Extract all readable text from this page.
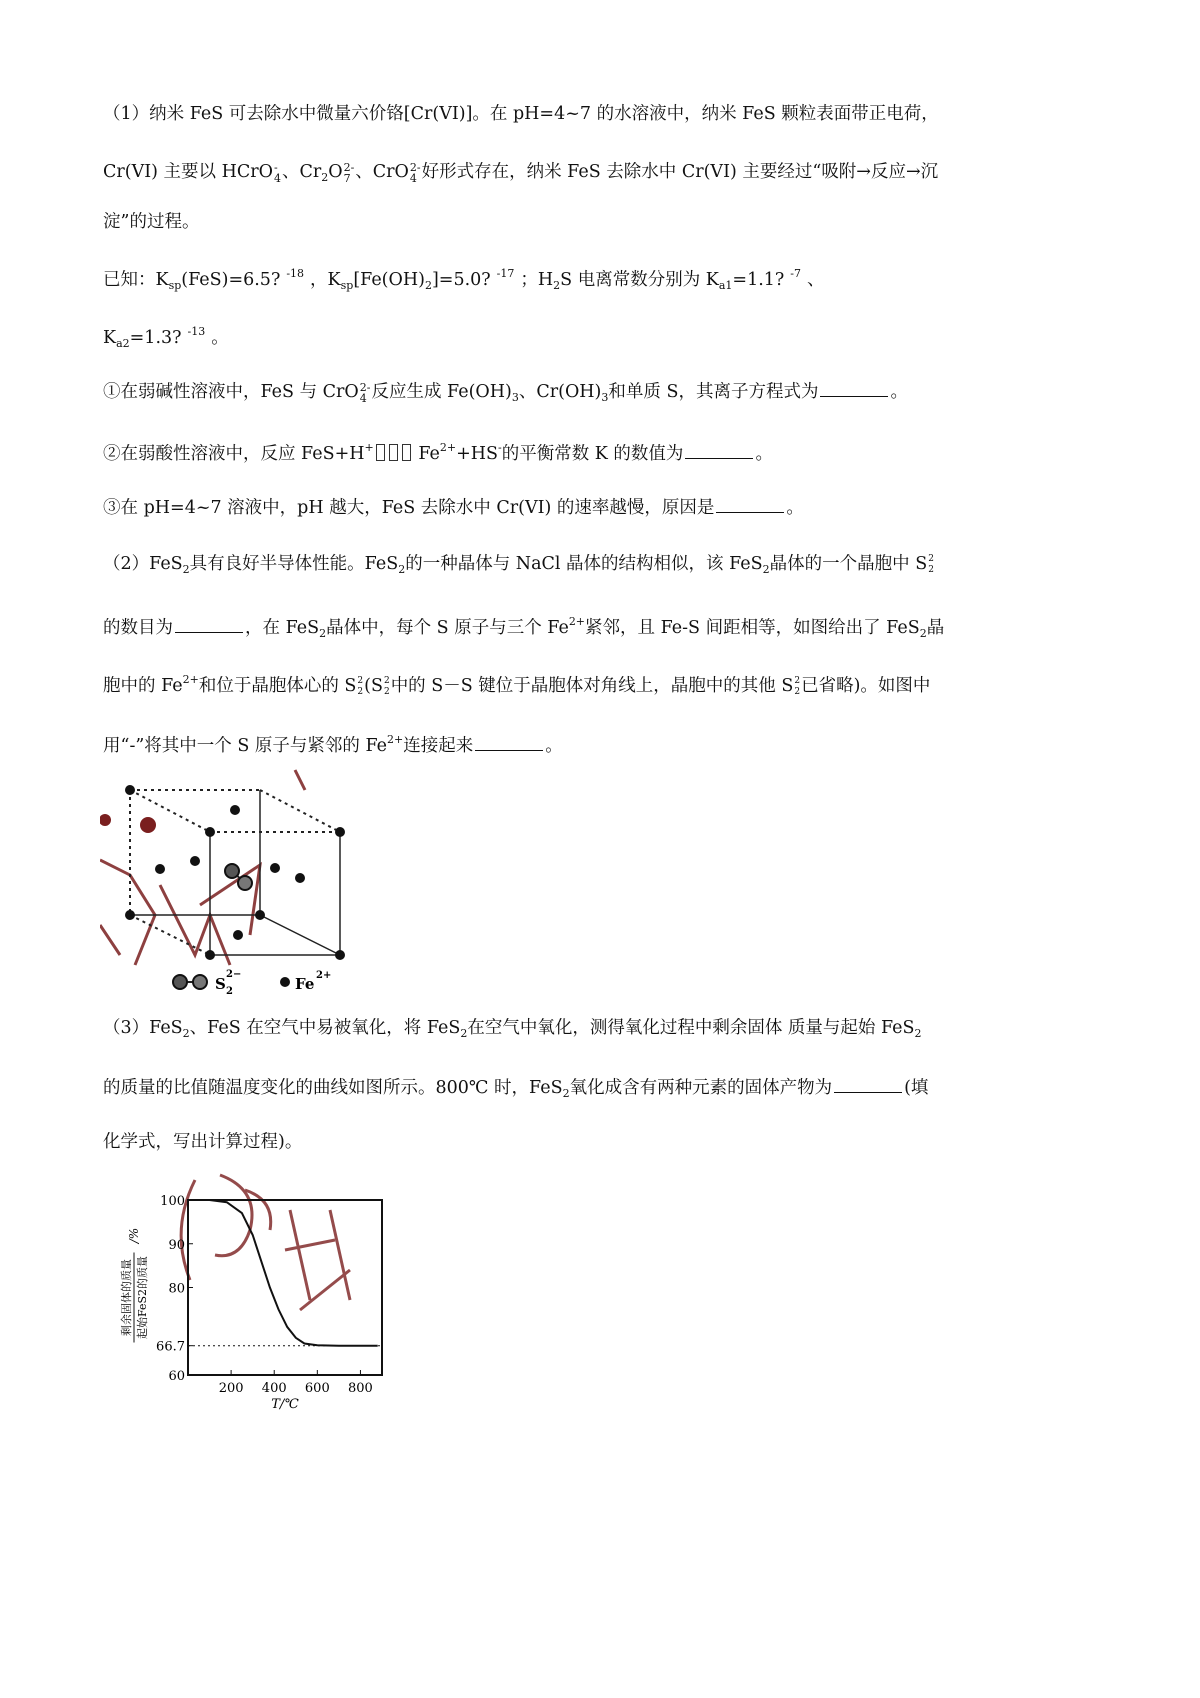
（1）纳米 FeS 可去除水中微量六价铬[Cr(VI)]。在 pH=4~7 的水溶液中，纳米 FeS 颗粒表面带正电荷，
Cr(VI) 主要以 HCrO -
4 、$Cr_2O$ 2-
7 、CrO 2-
4 好形式存在，纳米 FeS 去除水中 Cr(VI) 主要经过“吸附→反应→沉
淀”的过程。
已知：$K_{sp}(FeS)=6.5$? $^{-18}$ ，$K_{sp}[Fe(OH)_2]=5.0$? $^{-17}$ ；$H_2S$ 电离常数分别为 $K_{a1}=1.1$? $^{-7}$ 、
$K_{a2}=1.3$? $^{-13}$ 。
①在弱碱性溶液中，FeS 与 CrO 2-
4 反应生成 $Fe(OH)_3$、$Cr(OH)_3$和单质 S，其离子方程式为	。
②在弱酸性溶液中，反应 FeS+H+	$Fe^{2+}+HS^-$的平衡常数 K 的数值为	。
③在 pH=4~7 溶液中，pH 越大，FeS 去除水中 Cr(VI) 的速率越慢，原因是	。
（2）FeS$_2$具有良好半导体性能。FeS$_2$的一种晶体与 NaCl 晶体的结构相似，该 FeS$_2$晶体的一个晶胞中 S 2
2
的数目为	，在 FeS$_2$晶体中，每个 S 原子与三个 $Fe^{2+}$紧邻，且 Fe-S 间距相等，如图给出了 FeS$_2$晶
胞中的 $Fe^{2+}$和位于晶胞体心的 S 2
2 (S 2
2 中的 S－S 键位于晶胞体对角线上，晶胞中的其他 S 2
2 已省略)。如图中
用“-”将其中一个 S 原子与紧邻的 $Fe^{2+}$连接起来	。
S 2
2−
Fe 2+
（3）FeS$_2$、FeS 在空气中易被氧化，将 FeS$_2$在空气中氧化，测得氧化过程中剩余固体 质量与起始 FeS$_2$
的质量的比值随温度变化的曲线如图所示。800℃ 时，FeS$_2$氧化成含有两种元素的固体产物为	(填
化学式，写出计算过程)。
200 400 600 800
100
90
80
66.7
60
T/℃
剩余固体的质量 起始FeS2的质量
/%
